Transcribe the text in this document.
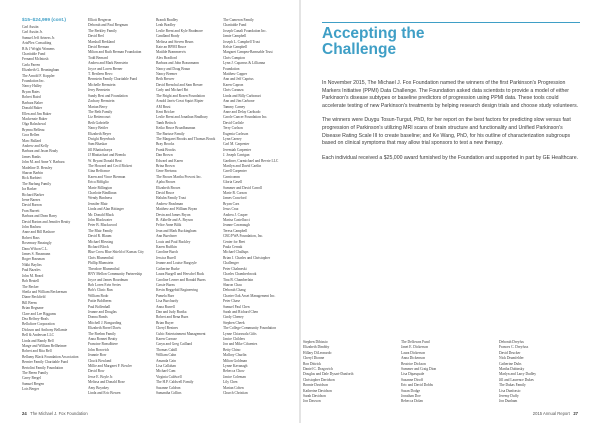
$15–$24,999 (cont.)
Carl Austin
Carl Austin Jr.
Samuel Jeff Artness Jr.
ArtsPlex Consulting
B & J Wright Womens
Charitable Fund
Fernand McIntosh
Carla Parren
Elizabeth G. Beuningham
The Arnold F. Koppler
Foundation Inc.
Nancy Halley
Bryan Bates
Robert Baird
Barbara Baker
Donald Baker
Ellen and Jim Baker
Mackenzie Baker
Olga Balashoval
Brynna Belleau
Cora Bellen
Marc Ballard
Andrew and Kelly
Barbara and Jason Brady
James Banks
John M. and Anne Y. Barbara
Madeline D. Beasley
Sharon Barbin
Rick Barbieri
The Barfang Family
Ira Barker
Richard Barker
Irene Barnes
David Barron
Fran Barrett
Barbara and Dean Barry
David Barton and Jennifer Beatty
John Bashaw
Anne and Bill Bashore
Robert Bass
Rosemary Bassingly
Dana Wilson C.L.
James S. Bassmann
Roger Bassman
Nikki Bayliss
Paul Bazzles
John M. Beard
Bob Beatell
The Becker
Sheila and William Beckerman
Diane Beckfield
Bill Beem
Brian Begnane
Clare and Lee Biggums
Dea Belfrey-Beals
Bellafiore Corporation
Dickson and Anthony Bellamie
Bell & Anderson LLC
Linda and Randy Bell
Marge and William Bellheimer
Robert and Rita Bell
Bellamy Black Foundation Association
Bernier Family Charitable Fund
Bertolini Family Foundation
The Beren Family
Carey Bergel
Samuel Bergen
Lois Berger
Elliott Bergeron
Deborah and Paul Bergman
The Berkley Family
David Berl
Marshall Berkland
David Berman
Milton and Ruth Berman Foundation
Todd Bernard
Andrea and Mark Bernstein
Joyce and Loren Berner
T. Bertleen Bevo
Bernstein Family Charitable Fund
Michelle Bernstein
Jerry Bernstein
Sandy Best and Foundation
Zachary Bernstein
Marian Berry
The Beth Family
Liz Bettencourt
Beth Gabrielle
Nancy Bettler
Elizabeth Beyer
Dwight Beyerbach
Sam Bhaskar
Jill Bhattacharya
JJ Bhattachari and Brenda
W. Bryant Donald Beat
The Howard and Cecil Bickert
Gina Beffrance
Karen and Vince Bierman
Erica Biffiglio
Marie Billington
Charlotte Bindlinan
Wendy Bindness
Jennifer Blair
Linda and Alan Bittinger
Mr. Donald Black
John Blackwater
Peter B. Blackwood
The Blair Family
David R. Blaum
Michael Blessing
Richard Block
Blue Cross Blue Shield of Kansas City
Chris Blumenthal
Phillip Blumstein
Theodore Blumenthal
BNY Mellon Community Partnership
Joyce and James Boardman
Bob Loren Evin Series
Bob's Clinic Run
William Bodo
Pattie Boldberm
Paul Bollenhall
Jeanne and Douglas
Donna Bonds
Mitchell J. Bongarding
Elizabeth Borrel Davis
The Boehm Family
Anna Bonnet Beatty
Francine Bonsdbiere
John Borovich
Jeannie Borr
Chuck Bowland
Millie and Margaret F. Bowler
David Bow
Jesse E. Boyle Jr.
Melissa and Donald Bose
Amy Boynkey
Linda and Eric Bowen
Brandt Bradley
Leah Bradley
Leslie Brent and Kyle Bradmore
Candland Brady
Melissa and Steven Bruns
Kate an BPMI Bruce
Matilde Brammervis
Alex Bradford
Barbara and John Braunmann
Nancy and Doug Braun
Nancy Bremer
Beth Brewer
David Brenchal and Sam Breuer
Carly and Michael Bri
The Bright and Rosen Foundation
Arnold Jarris-Creat Squirt Ripter
AM Brust
Kent Bricker
Leslie Brent and Jonathan Bradbury
Tamb Bettsch
Keiko Bruce Broadbauman
The Bartuse Family
The Margaret Brooks and Thomas Brook
Bray Brooks
Frank Brooks
Dan Brown
Edward and Karen
Brina Brown
Gene Breisma
The Brown Martha Provost Inc.
Ajaba Brown
Elizabeth Brown
David Bruce
Haluhn Family Trust
Andrew Brashman
Matthew and William Bryan
Devin and James Bryon
B. Akbelle and A. Bryson
Felice Anne Bilik
Jean and Mark Buckingham
Ann Buechner
Louis and Paul Buckley
Karen Buffkin
Caroline Burch
Jessica Burell
Jeanne and Louise Burgoyle
Catherine Burke
Laura Burgell and Herschel Buck
Caroline Lerner and Ronald Burns
Cassie Burns
Kevin Beggebid Engineering
Pamela Burr
Lisa Burchardy
Anna Burrell
Dan and Judy Burtka
Robert and Rena Burn
Brian Buyer
Cheryl Bezines
Cubic Entertainment Management
Karen Carruse
Caryn and Greg Cailland
Thomas Cahill
William Cahn
Amanda Cain
Lisa Callahan
Michael Cam
Virginia Caldwell
The H.P. Caldwell Family
Susanne Caldron
Samantha Collins
The Cameron Family
Charitable Fund
Joseph Canali Foundation Inc.
Jamie Campbell
Joseph L. Campbell Trust
Kelsie Campbell
Margaret Campea-Barnsable Trust
Chris Campion
Lynn J. Caparrus & Lillianna
Foundation
Matthew Capper
Ann and Jeff Caprius
Karen Capron
Chris Caranza
Linda and Billy Carbonari
Ann and Jim Carbone
Tammy Carney
Anne and Delay Caribado
Carole Cancer Foundation Inc.
David Carlisle
Terry Carlson
Eugenia Carlsson
Lynn Carney
Carl M. Carpenter
Jeremiah Carpenter
J. Joseph Carrigan
Gardiner, Carmichael and Bevrie LLC
Marilyn and David Cartlin
Carell Carpenter
Carnicomm
Gloria Casell
Summer and David Carroll
Marie B. Carson
James Crawford
Bryan Cars
Jesus Cruz
Andrea J. Casper
Marisa Castellucci
Jeanne Cavanaugh
Teresa Campbell
CBC/FWA Foundation, Inc.
Center for Beet
Paula Cernak
Michael Challups
Brian J. Charles and Christopher
Challenger
Peter Chalmeski
Charles Chamberbrook
Tina B. Chamberlain
Sharon Chau
Deborah Chang
Charter Oak Asset Management Inc.
Peter Chase
Samuel Paul Chen
Sarah and Richard Chen
Cindy Cheney
Stephen Cheek
The College Community Foundation
Lynne Chiaravala Gifts
Janice Childers
Jon and Mike Cifuentes
Betty Chino
Mallory Churlin
Milton Goldman
Lynne Kavanagh
Rebecca Chow
Janice Coleman
Lily Chen
Marian Cohen
Church Christian
Accepting the
Challenge

In November 2015, The Michael J. Fox Foundation named the winners of the first Parkinson's Progression Markers Initiative (PPMI) Data Challenge. The Foundation asked data scientists to provide a model of either Parkinson's disease subtypes or baseline predictors of progression using PPMI data. These tools could accelerate testing of new Parkinson's treatments by helping research design trials and choose study volunteers.

The winners were Duygu Tosun-Turgut, PhD, for her report on the best factors for predicting slow versus fast progression of Parkinson's utilizing MRI scans of brain structure and functionality and Unified Parkinson's Disease Rating Scale III to create baseline; and Ke Wang, PhD, for his outline of characterization subgroups based on clinical symptoms that may allow trial sponsors to test a new therapy.

Each individual received a $25,000 award furnished by the Foundation and supported in part by GE Healthcare.

Stephen Dibiasio
Elizabeth Dimbby
Hillary DiLeonardo
Cheryl Dionne
Ron Dittrick
Daniel C. Dragovich
Douglas and Dale Dysart-Danforth
Christopher Davidson
Bonnie Davidson
Katherine Davidson
Sarah Davidson
Jon Dawson
The Dellowns Fund
Janet E. Dickerson
Laura Dickerson
Anna Dickenson
Beatrice Dickson
Summer and Craig Dion
Lisa Dipasquale
Suzanne Diroff
Eric and David Dobbs
Susan Dodge
Jonathan Doe
Rebecca Dolan
Deborah Dreyfus
Frances C. Dreyfuss
David Drucker
Nick Drumfelder
Catherine Dubs
Martha Dubinsky
Marlyn and Larry Dudley
Jill and Laurence Dukes
The Dukas Family
Lisa Dunfrasio
Jeremy Duffy
Jon Dunham
24 The Michael J. Fox Foundation	2015 Annual Report 27
